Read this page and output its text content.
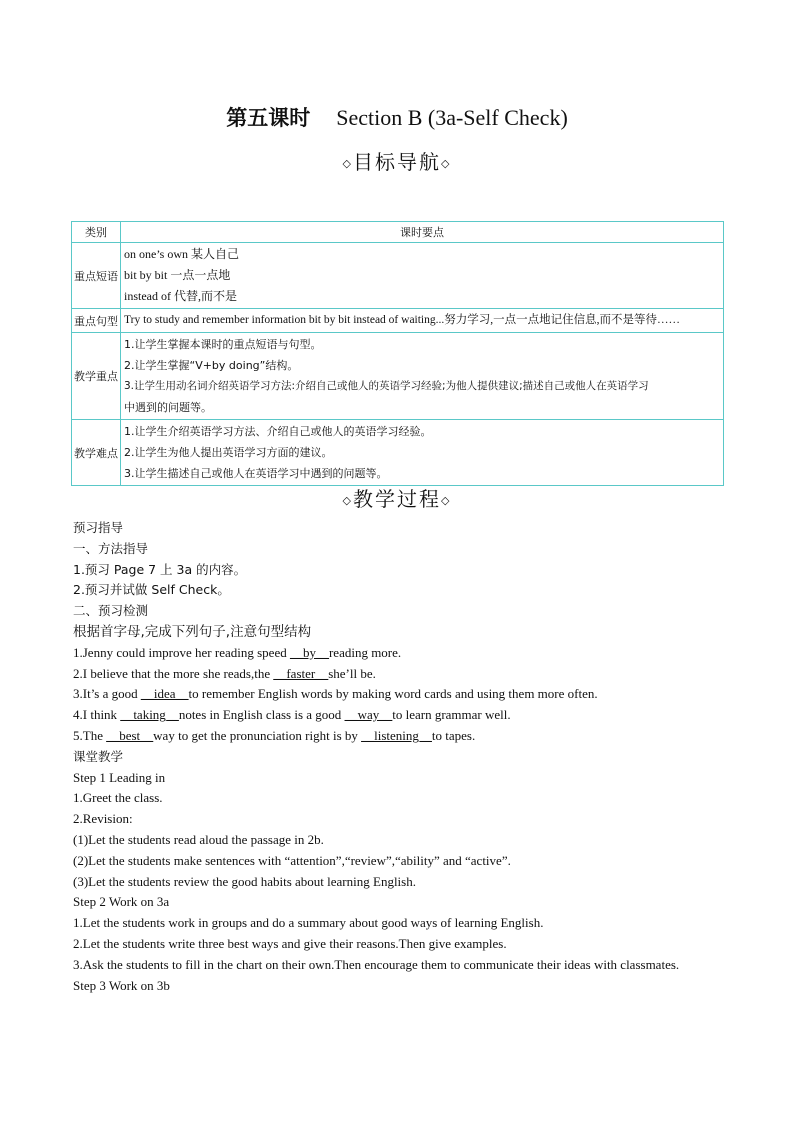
第五课时 Section B (3a-Self Check)
◇目标导航◇
类别	课时要点
重点短语	on one’s own 某人自己
bit by bit 一点一点地
instead of 代替,而不是

重点句型	Try to study and remember information bit by bit instead of waiting...努力学习,一点一点地记住信息,而不是等待……

教学重点	1.让学生掌握本课时的重点短语与句型。
2.让学生掌握“V+by doing”结构。
3.让学生用动名词介绍英语学习方法:介绍自己或他人的英语学习经验;为他人提供建议;描述自己或他人在英语学习
中遇到的问题等。

教学难点	1.让学生介绍英语学习方法、介绍自己或他人的英语学习经验。
2.让学生为他人提出英语学习方面的建议。
3.让学生描述自己或他人在英语学习中遇到的问题等。
◇教学过程◇

预习指导

一、方法指导

1.预习 Page 7 上 3a 的内容。

2.预习并试做 Self Check。

二、预习检测

根据首字母,完成下列句子,注意句型结构

1.Jenny could improve her reading speed __by__reading more.

2.I believe that the more she reads,the __faster__she’ll be.

3.It’s a good __idea__to remember English words by making word cards and using them more often.

4.I think __taking__notes in English class is a good __way__to learn grammar well.

5.The __best__way to get the pronunciation right is by __listening__to tapes.

课堂教学

Step 1 Leading in

1.Greet the class.

2.Revision:

(1)Let the students read aloud the passage in 2b.

(2)Let the students make sentences with “attention”,“review”,“ability” and “active”.

(3)Let the students review the good habits about learning English.

Step 2 Work on 3a

1.Let the students work in groups and do a summary about good ways of learning English.

2.Let the students write three best ways and give their reasons.Then give examples.

3.Ask the students to fill in the chart on their own.Then encourage them to communicate their ideas with classmates.

Step 3 Work on 3b
